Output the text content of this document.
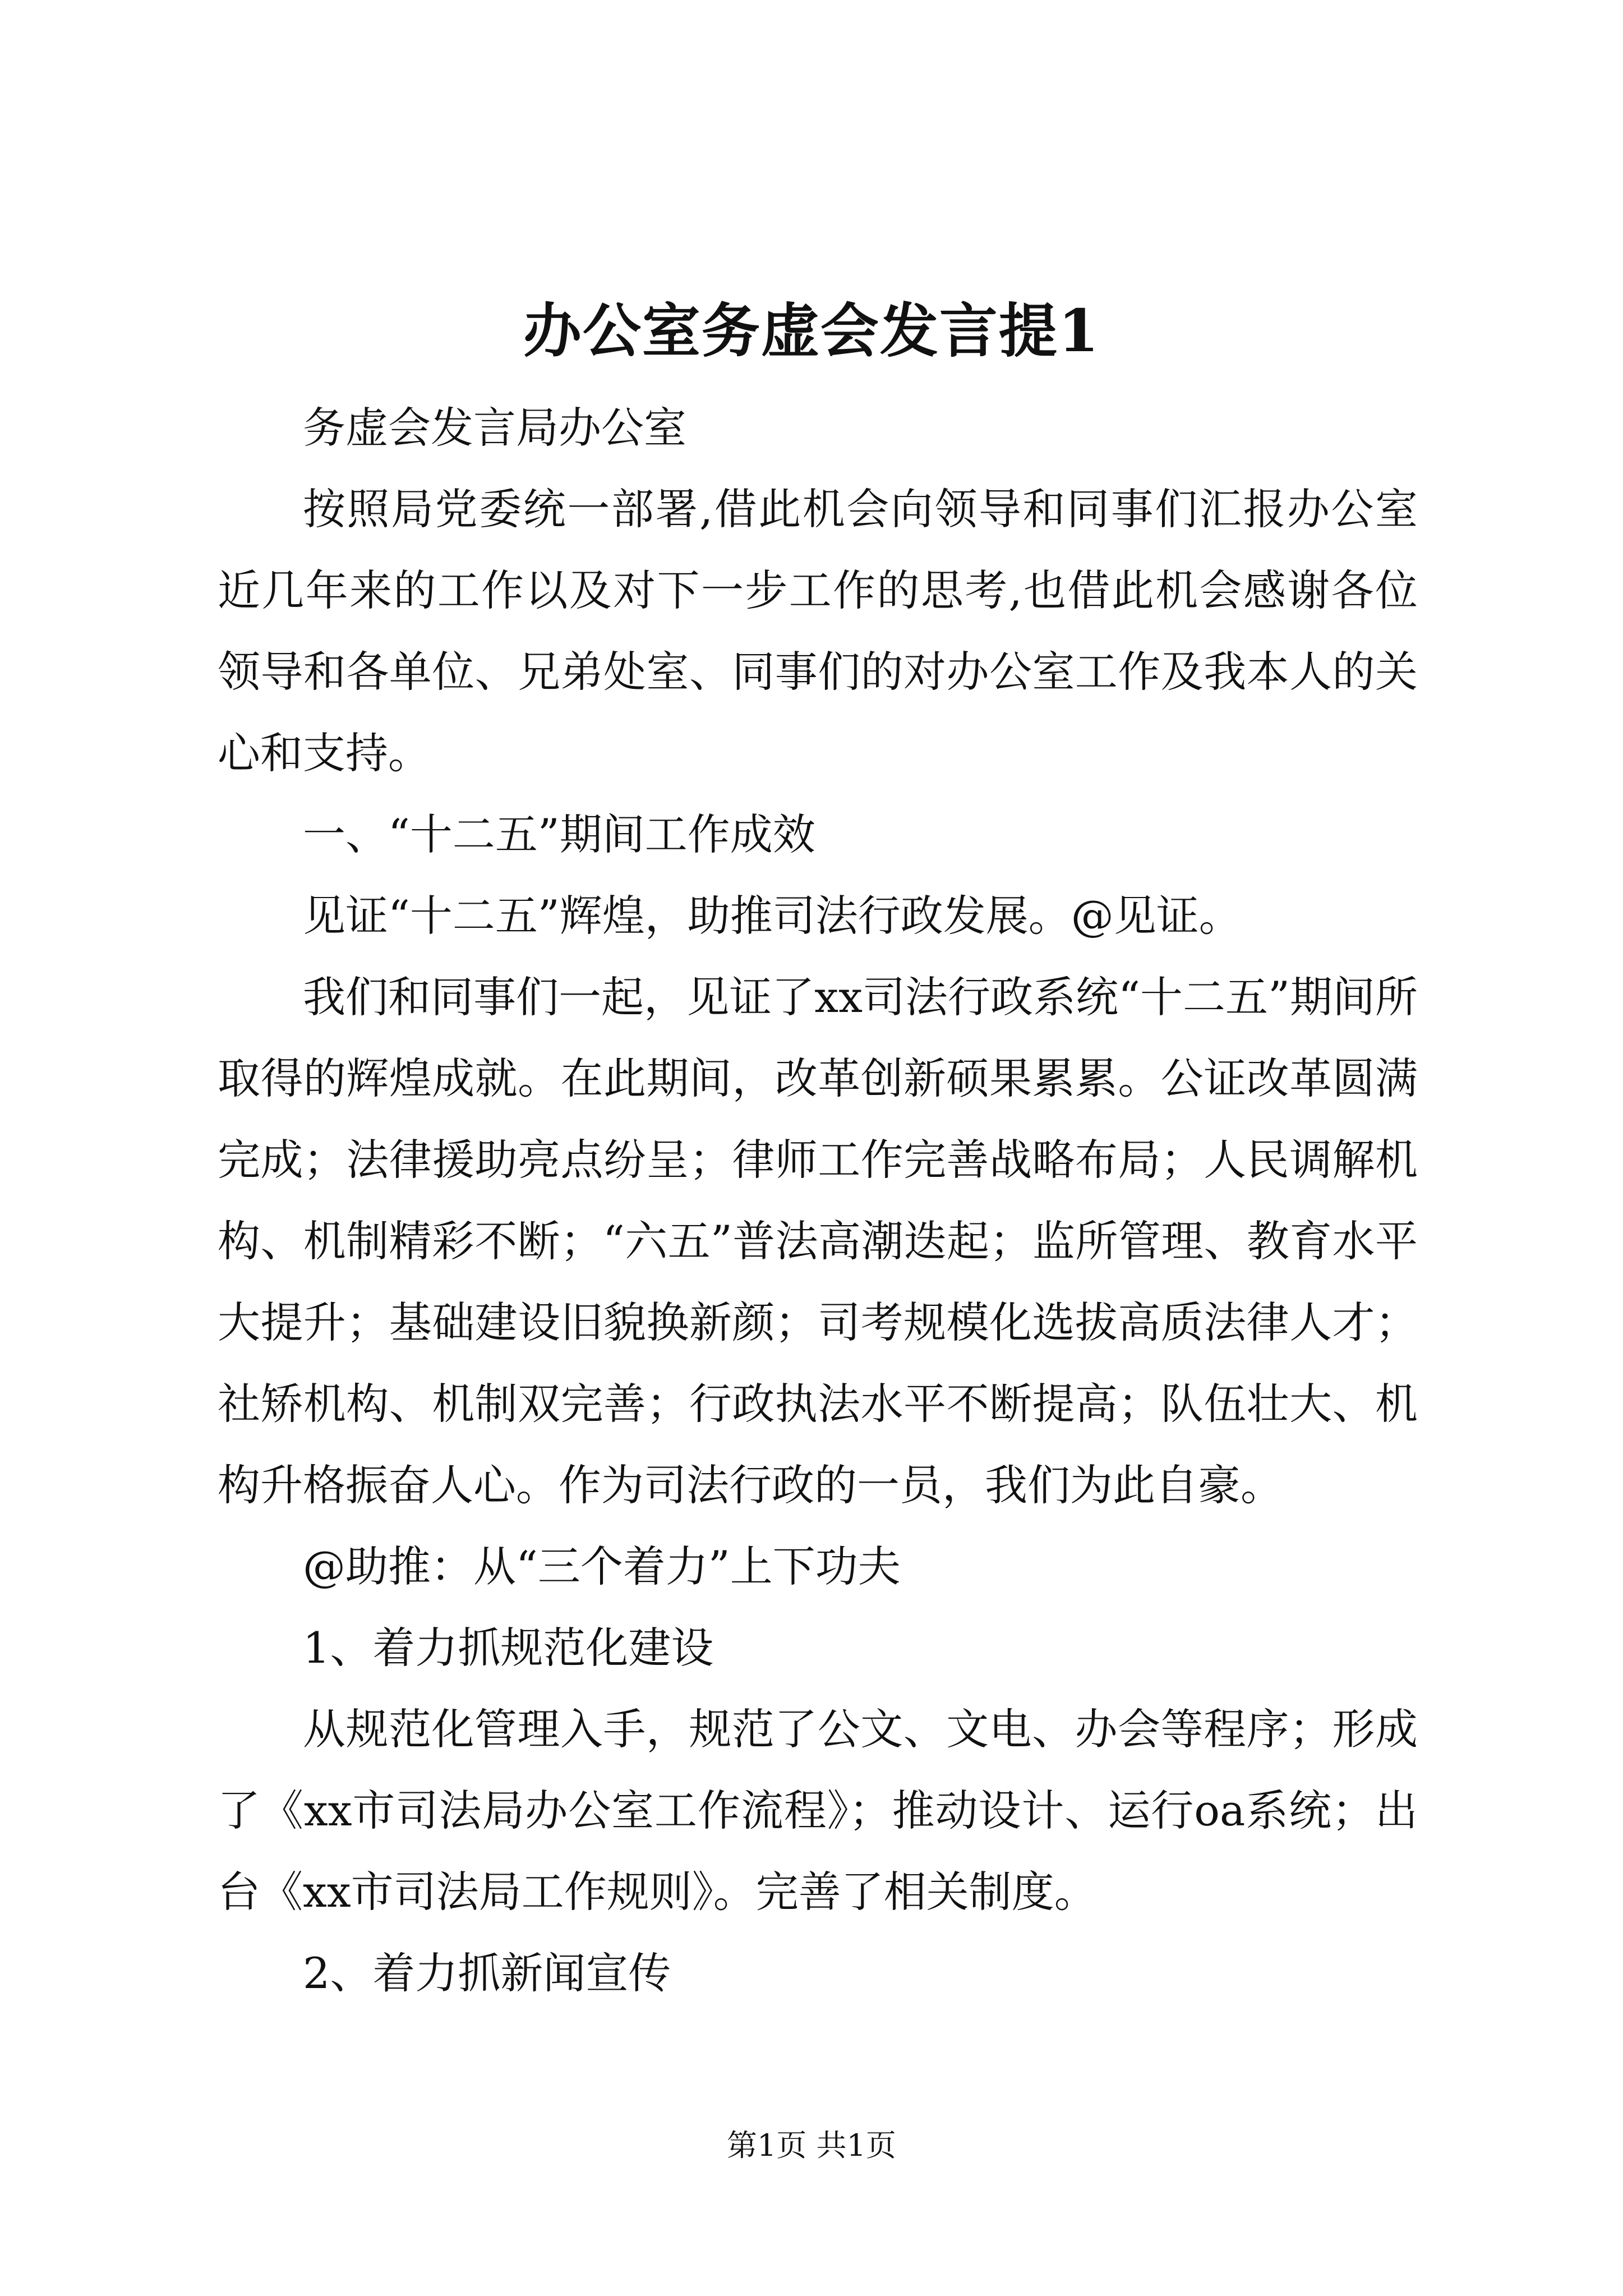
办公室务虚会发言提1

务虚会发言局办公室

按照局党委统一部署,借此机会向领导和同事们汇报办公室近几年来的工作以及对下一步工作的思考,也借此机会感谢各位领导和各单位、兄弟处室、同事们的对办公室工作及我本人的关心和支持。

一、“十二五”期间工作成效

见证“十二五”辉煌，助推司法行政发展。@见证。

我们和同事们一起，见证了xx司法行政系统“十二五”期间所取得的辉煌成就。在此期间，改革创新硕果累累。公证改革圆满完成；法律援助亮点纷呈；律师工作完善战略布局；人民调解机构、机制精彩不断；“六五”普法高潮迭起；监所管理、教育水平大提升；基础建设旧貌换新颜；司考规模化选拔高质法律人才；社矫机构、机制双完善；行政执法水平不断提高；队伍壮大、机构升格振奋人心。作为司法行政的一员，我们为此自豪。

@助推：从“三个着力”上下功夫

1、着力抓规范化建设

从规范化管理入手，规范了公文、文电、办会等程序；形成了《xx市司法局办公室工作流程》；推动设计、运行oa系统；出台《xx市司法局工作规则》。完善了相关制度。

2、着力抓新闻宣传

第1页 共1页
